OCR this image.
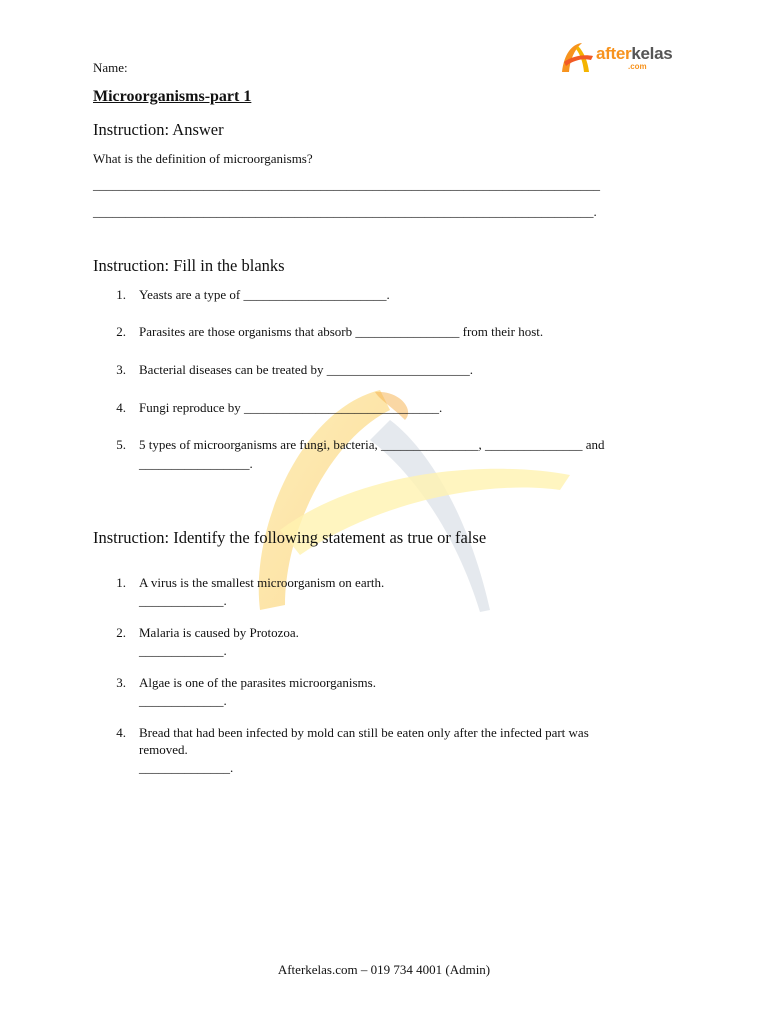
Name:
afterkelas
.com
Microorganisms-part 1
Instruction: Answer
What is the definition of microorganisms?
______________________________________________________________________________
_____________________________________________________________________________.
Instruction: Fill in the blanks
1. Yeasts are a type of ______________________.
2. Parasites are those organisms that absorb ________________ from their host.
3. Bacterial diseases can be treated by ______________________.
4. Fungi reproduce by ______________________________.
5. 5 types of microorganisms are fungi, bacteria, _______________, _______________ and
_________________.
Instruction: Identify the following statement as true or false
1. A virus is the smallest microorganism on earth.
_____________.
2. Malaria is caused by Protozoa.
_____________.
3. Algae is one of the parasites microorganisms.
_____________.
4. Bread that had been infected by mold can still be eaten only after the infected part was
removed.
______________.
Afterkelas.com – 019 734 4001 (Admin)
